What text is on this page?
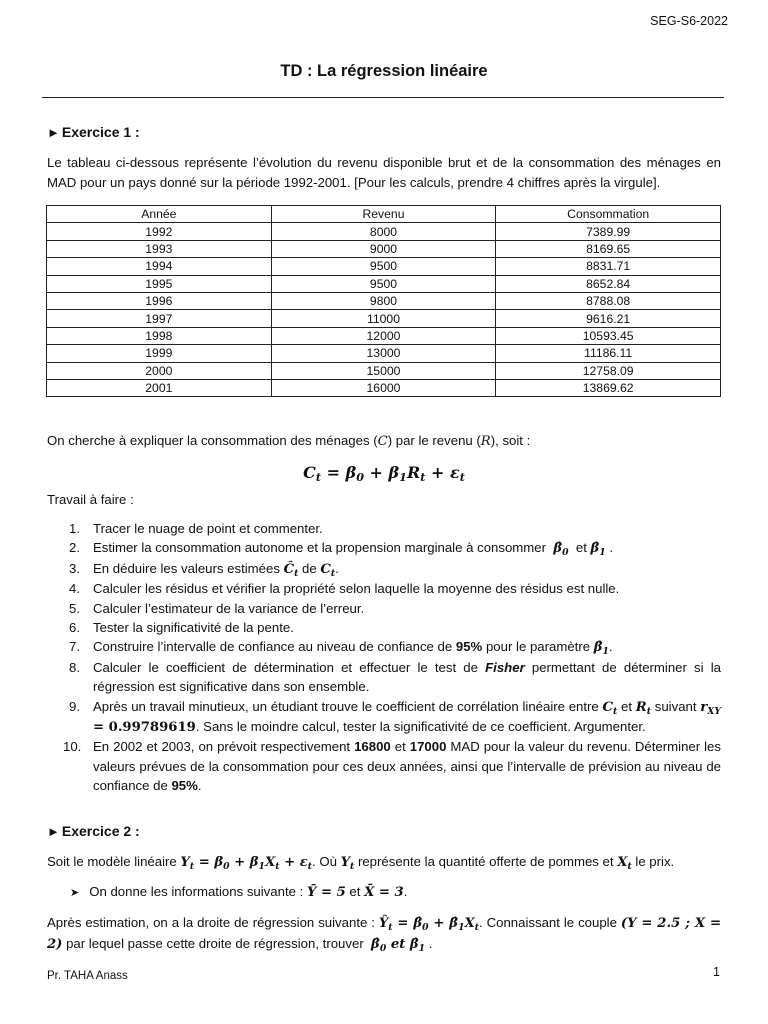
SEG-S6-2022
TD : La régression linéaire
► Exercice 1 :
Le tableau ci-dessous représente l’évolution du revenu disponible brut et de la consommation des ménages en MAD pour un pays donné sur la période 1992-2001. [Pour les calculs, prendre 4 chiffres après la virgule].
Année	Revenu	Consommation
1992	8000	7389.99
1993	9000	8169.65
1994	9500	8831.71
1995	9500	8652.84
1996	9800	8788.08
1997	11000	9616.21
1998	12000	10593.45
1999	13000	11186.11
2000	15000	12758.09
2001	16000	13869.62
On cherche à expliquer la consommation des ménages (C) par le revenu (R), soit :
$C_t = \beta_0 + \beta_1R_t + \varepsilon_t$
Travail à faire :
1. Tracer le nuage de point et commenter.
2. Estimer la consommation autonome et la propension marginale à consommer  $\betâ_0$  et $\betâ_1$ .
3. En déduire les valeurs estimées $Ĉ_t$ de $C_t$.
4. Calculer les résidus et vérifier la propriété selon laquelle la moyenne des résidus est nulle.
5. Calculer l’estimateur de la variance de l’erreur.
6. Tester la significativité de la pente.
7. Construire l’intervalle de confiance au niveau de confiance de 95% pour le paramètre $\betâ_1$.
8. Calculer le coefficient de détermination et effectuer le test de Fisher permettant de déterminer si la régression est significative dans son ensemble.
9. Après un travail minutieux, un étudiant trouve le coefficient de corrélation linéaire entre $C_t$ et $R_t$ suivant $r_{XY} = 0.99789619$. Sans le moindre calcul, tester la significativité de ce coefficient. Argumenter.
10. En 2002 et 2003, on prévoit respectivement 16800 et 17000 MAD pour la valeur du revenu. Déterminer les valeurs prévues de la consommation pour ces deux années, ainsi que l’intervalle de prévision au niveau de confiance de 95%.
► Exercice 2 :
Soit le modèle linéaire $Y_t = \beta_0 + \beta_1X_t + \varepsilon_t$. Où $Y_t$ représente la quantité offerte de pommes et $X_t$ le prix.
➤ On donne les informations suivante : Ȳ = 5 et X̄ = 3.
Après estimation, on a la droite de régression suivante : $Ŷ_t$ = $\betâ_0$ + $\betâ_1X_t$. Connaissant le couple (Y = 2.5 ; X = 2) par lequel passe cette droite de régression, trouver  $\betâ_0$ et $\betâ_1$ .
Pr. TAHA Anass	1
